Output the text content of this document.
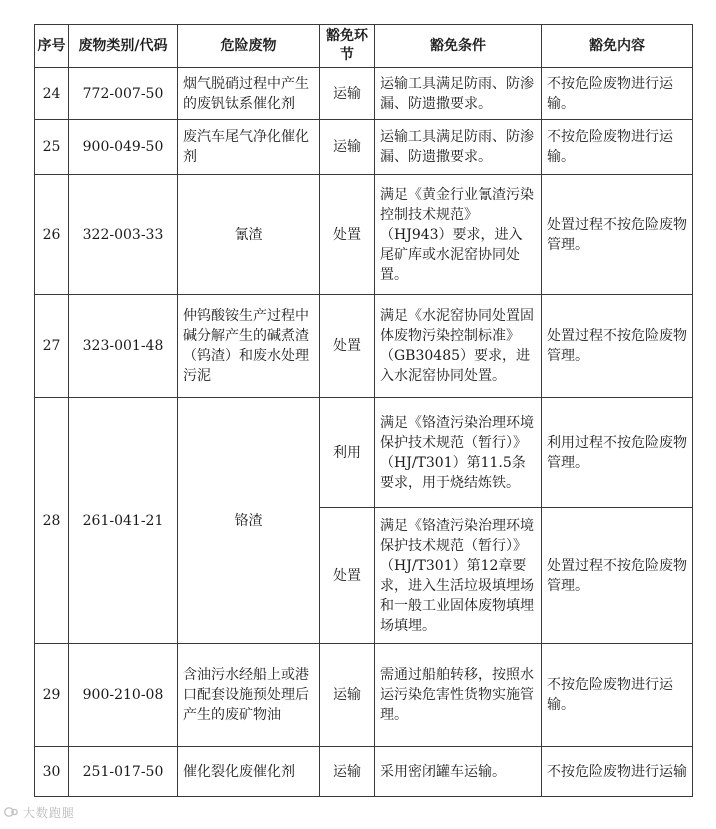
序号	废物类别/代码	危险废物	豁免环节	豁免条件	豁免内容
24	772-007-50	烟气脱硝过程中产生的废钒钛系催化剂	运输	运输工具满足防雨、防渗漏、防遗撒要求。	不按危险废物进行运输。
25	900-049-50	废汽车尾气净化催化剂	运输	运输工具满足防雨、防渗漏、防遗撒要求。	不按危险废物进行运输。
26	322-003-33	氰渣	处置	满足《黄金行业氰渣污染控制技术规范》（HJ943）要求，进入尾矿库或水泥窑协同处置。	处置过程不按危险废物管理。
27	323-001-48	仲钨酸铵生产过程中碱分解产生的碱煮渣（钨渣）和废水处理污泥	处置	满足《水泥窑协同处置固体废物污染控制标准》（GB30485）要求，进入水泥窑协同处置。	处置过程不按危险废物管理。
28	261-041-21	铬渣	利用	满足《铬渣污染治理环境保护技术规范（暂行）》（HJ/T301）第11.5条要求，用于烧结炼铁。	利用过程不按危险废物管理。
			处置	满足《铬渣污染治理环境保护技术规范（暂行）》（HJ/T301）第12章要求，进入生活垃圾填埋场和一般工业固体废物填埋场填埋。	处置过程不按危险废物管理。
29	900-210-08	含油污水经船上或港口配套设施预处理后产生的废矿物油	运输	需通过船舶转移，按照水运污染危害性货物实施管理。	不按危险废物进行运输。
30	251-017-50	催化裂化废催化剂	运输	采用密闭罐车运输。	不按危险废物进行运输
大数跑腿
